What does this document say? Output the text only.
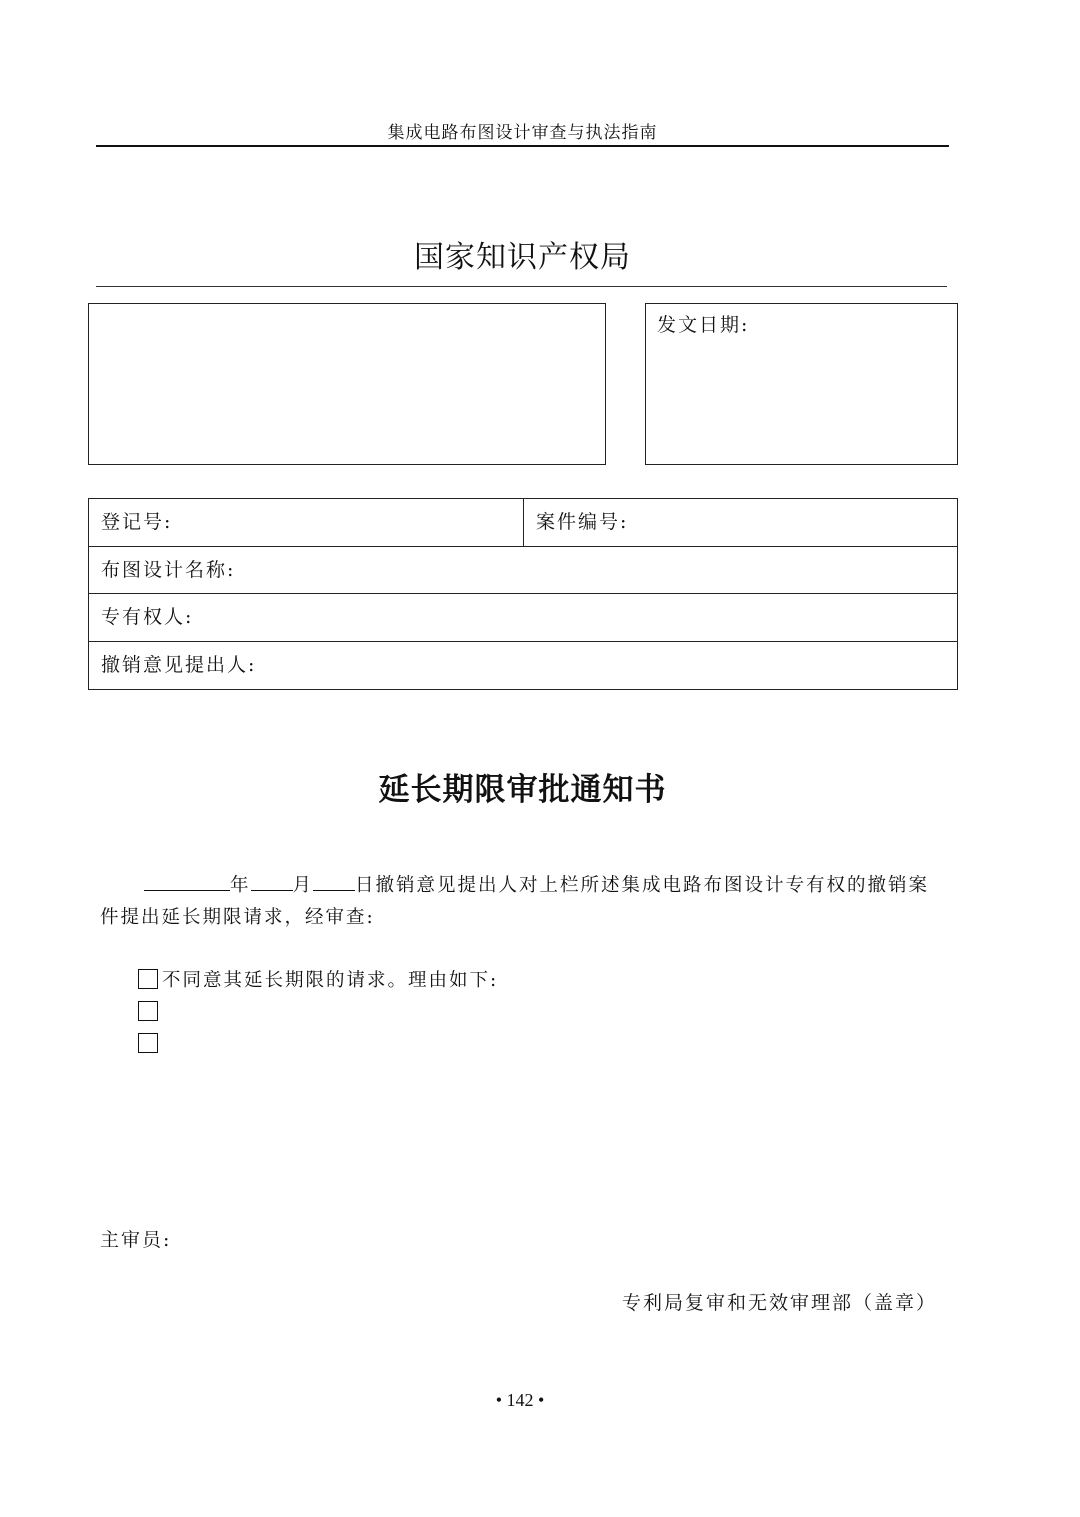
集成电路布图设计审查与执法指南
国家知识产权局
发文日期:
登记号:	案件编号:
布图设计名称:
专有权人:
撤销意见提出人:
延长期限审批通知书
年 月 日撤销意见提出人对上栏所述集成电路布图设计专有权的撤销案
件提出延长期限请求，经审查:
不同意其延长期限的请求。理由如下:
主审员:
专利局复审和无效审理部（盖章）
• 142 •
